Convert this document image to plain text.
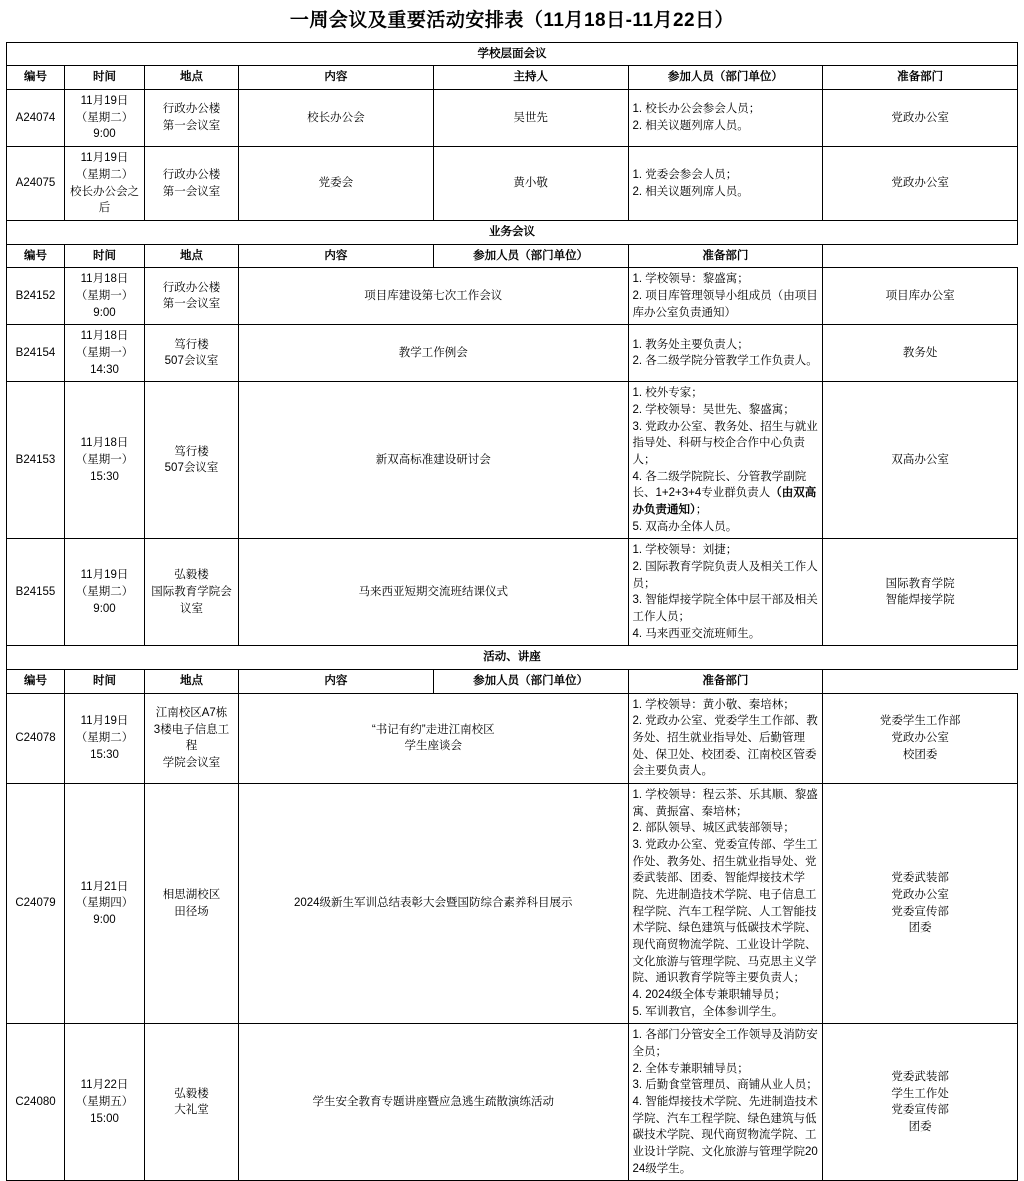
一周会议及重要活动安排表（11月18日-11月22日）
学校层面会议						
编号	时间	地点	内容	主持人	参加人员（部门单位）	准备部门
A24074	11月19日
（星期二）
9:00	行政办公楼
第一会议室	校长办公会	吴世先	1. 校长办公会参会人员；
2. 相关议题列席人员。	党政办公室
A24075	11月19日
（星期二）
校长办公会之后	行政办公楼
第一会议室	党委会	黄小敬	1. 党委会参会人员；
2. 相关议题列席人员。	党政办公室
业务会议						
编号	时间	地点	内容	参加人员（部门单位）	准备部门	
B24152	11月18日
（星期一）
9:00	行政办公楼
第一会议室	项目库建设第七次工作会议		1. 学校领导：黎盛寓；
2. 项目库管理领导小组成员（由项目库办公室负责通知）	项目库办公室
B24154	11月18日
（星期一）
14:30	笃行楼
507会议室	教学工作例会		1. 教务处主要负责人；
2. 各二级学院分管教学工作负责人。	教务处
B24153	11月18日
（星期一）
15:30	笃行楼
507会议室	新双高标准建设研讨会		1. 校外专家；
2. 学校领导：吴世先、黎盛寓；
3. 党政办公室、教务处、招生与就业指导处、科研与校企合作中心负责人；
4. 各二级学院院长、分管教学副院长、1+2+3+4专业群负责人（由双高办负责通知）；
5. 双高办全体人员。	双高办公室
B24155	11月19日
（星期二）
9:00	弘毅楼
国际教育学院会议室	马来西亚短期交流班结课仪式		1. 学校领导：刘捷；
2. 国际教育学院负责人及相关工作人员；
3. 智能焊接学院全体中层干部及相关工作人员；
4. 马来西亚交流班师生。	国际教育学院
智能焊接学院
活动、讲座						
编号	时间	地点	内容	参加人员（部门单位）	准备部门	
C24078	11月19日
（星期二）
15:30	江南校区A7栋
3楼电子信息工程
学院会议室	“书记有约”走进江南校区
学生座谈会		1. 学校领导：黄小敬、秦培林；
2. 党政办公室、党委学生工作部、教务处、招生就业指导处、后勤管理处、保卫处、校团委、江南校区管委会主要负责人。	党委学生工作部
党政办公室
校团委
C24079	11月21日
（星期四）
9:00	相思湖校区
田径场	2024级新生军训总结表彰大会暨国防综合素养科目展示	1. 学校领导：程云茶、乐其顺、黎盛寓、黄振富、秦培林；
2. 部队领导、城区武装部领导；
3. 党政办公室、党委宣传部、学生工作处、教务处、招生就业指导处、党委武装部、团委、智能焊接技术学院、先进制造技术学院、电子信息工程学院、汽车工程学院、人工智能技术学院、绿色建筑与低碳技术学院、现代商贸物流学院、工业设计学院、文化旅游与管理学院、马克思主义学院、通识教育学院等主要负责人；
4. 2024级全体专兼职辅导员；
5. 军训教官，全体参训学生。	党委武装部
党政办公室
党委宣传部
团委
C24080	11月22日
（星期五）
15:00	弘毅楼
大礼堂	学生安全教育专题讲座暨应急逃生疏散演练活动		1. 各部门分管安全工作领导及消防安全员；
2. 全体专兼职辅导员；
3. 后勤食堂管理员、商铺从业人员；
4. 智能焊接技术学院、先进制造技术学院、汽车工程学院、绿色建筑与低碳技术学院、现代商贸物流学院、工业设计学院、文化旅游与管理学院2024级学生。	党委武装部
学生工作处
党委宣传部
团委
